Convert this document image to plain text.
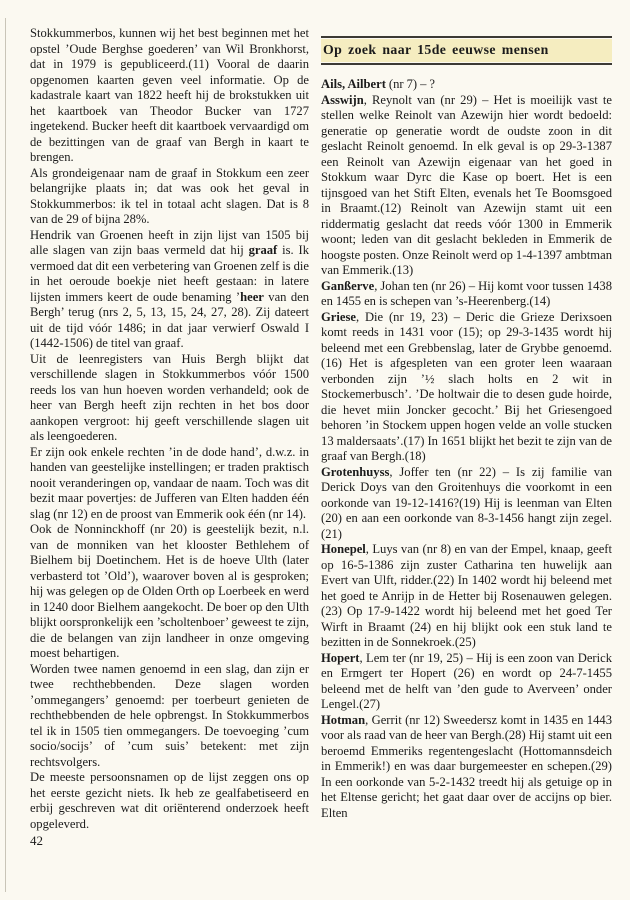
Stokkummerbos, kunnen wij het best beginnen met het opstel ’Oude Berghse goederen’ van Wil Bronkhorst, dat in 1979 is gepubliceerd.(11) Vooral de daarin opgenomen kaarten geven veel informatie. Op de kadastrale kaart van 1822 heeft hij de brokstukken uit het kaartboek van Theodor Bucker van 1727 ingetekend. Bucker heeft dit kaartboek vervaardigd om de bezittingen van de graaf van Bergh in kaart te brengen.

Als grondeigenaar nam de graaf in Stokkum een zeer belangrijke plaats in; dat was ook het geval in Stokkummerbos: ik tel in totaal acht slagen. Dat is 8 van de 29 of bijna 28%.

Hendrik van Groenen heeft in zijn lijst van 1505 bij alle slagen van zijn baas vermeld dat hij graaf is. Ik vermoed dat dit een verbetering van Groenen zelf is die in het oeroude boekje niet heeft gestaan: in latere lijsten immers keert de oude benaming ’heer van den Bergh’ terug (nrs 2, 5, 13, 15, 24, 27, 28). Zij dateert uit de tijd vóór 1486; in dat jaar verwierf Oswald I (1442-1506) de titel van graaf.

Uit de leenregisters van Huis Bergh blijkt dat verschillende slagen in Stokkummerbos vóór 1500 reeds los van hun hoeven worden verhandeld; ook de heer van Bergh heeft zijn rechten in het bos door aankopen vergroot: hij geeft verschillende slagen uit als leengoederen.

Er zijn ook enkele rechten ’in de dode hand’, d.w.z. in handen van geestelijke instellingen; er traden praktisch nooit veranderingen op, vandaar de naam. Toch was dit bezit maar povertjes: de Jufferen van Elten hadden één slag (nr 12) en de proost van Emmerik ook één (nr 14).

Ook de Nonninckhoff (nr 20) is geestelijk bezit, n.l. van de monniken van het klooster Bethlehem of Bielhem bij Doetinchem. Het is de hoeve Ulth (later verbasterd tot ’Old’), waarover boven al is gesproken; hij was gelegen op de Olden Orth op Loerbeek en werd in 1240 door Bielhem aangekocht. De boer op den Ulth blijkt oorspronkelijk een ’scholtenboer’ geweest te zijn, die de belangen van zijn landheer in onze omgeving moest behartigen.

Worden twee namen genoemd in een slag, dan zijn er twee rechthebbenden. Deze slagen worden ’ommegangers’ genoemd: per toerbeurt genieten de rechthebbenden de hele opbrengst. In Stokkummerbos tel ik in 1505 tien ommegangers. De toevoeging ’cum socio/socijs’ of ’cum suis’ betekent: met zijn rechtsvolgers.

De meeste persoonsnamen op de lijst zeggen ons op het eerste gezicht niets. Ik heb ze gealfabetiseerd en erbij geschreven wat dit oriënterend onderzoek heeft opgeleverd.

42
Op zoek naar 15de eeuwse mensen

Ails, Ailbert (nr 7) – ?

Asswijn, Reynolt van (nr 29) – Het is moeilijk vast te stellen welke Reinolt van Azewijn hier wordt bedoeld: generatie op generatie wordt de oudste zoon in dit geslacht Reinolt genoemd. In elk geval is op 29-3-1387 een Reinolt van Azewijn eigenaar van het goed in Stokkum waar Dyrc die Kase op boert. Het is een tijnsgoed van het Stift Elten, evenals het Te Boomsgoed in Braamt.(12) Reinolt van Azewijn stamt uit een riddermatig geslacht dat reeds vóór 1300 in Emmerik woont; leden van dit geslacht bekleden in Emmerik de hoogste posten. Onze Reinolt werd op 1-4-1397 ambtman van Emmerik.(13)

Ganßerve, Johan ten (nr 26) – Hij komt voor tussen 1438 en 1455 en is schepen van ’s-Heerenberg.(14)

Griese, Die (nr 19, 23) – Deric die Grieze Derixsoen komt reeds in 1431 voor (15); op 29-3-1435 wordt hij beleend met een Grebbenslag, later de Grybbe genoemd. (16) Het is afgespleten van een groter leen waaraan verbonden zijn ’½ slach holts en 2 wit in Stockemerbusch’. ’De holtwair die to desen gude hoirde, die hevet miin Joncker gecocht.’ Bij het Griesengoed behoren ’in Stockem uppen hogen velde an volle stucken 13 maldersaats’.(17) In 1651 blijkt het bezit te zijn van de graaf van Bergh.(18)

Grotenhuyss, Joffer ten (nr 22) – Is zij familie van Derick Doys van den Groitenhuys die voorkomt in een oorkonde van 19-12-1416?(19) Hij is leenman van Elten (20) en aan een oorkonde van 8-3-1456 hangt zijn zegel.(21)

Honepel, Luys van (nr 8) en van der Empel, knaap, geeft op 16-5-1386 zijn zuster Catharina ten huwelijk aan Evert van Ulft, ridder.(22) In 1402 wordt hij beleend met het goed te Anrijp in de Hetter bij Rosenauwen gelegen.(23) Op 17-9-1422 wordt hij beleend met het goed Ter Wirft in Braamt (24) en hij blijkt ook een stuk land te bezitten in de Sonnekroek.(25)

Hopert, Lem ter (nr 19, 25) – Hij is een zoon van Derick en Ermgert ter Hopert (26) en wordt op 24-7-1455 beleend met de helft van ’den gude to Averveen’ onder Lengel.(27)

Hotman, Gerrit (nr 12) Sweedersz komt in 1435 en 1443 voor als raad van de heer van Bergh.(28) Hij stamt uit een beroemd Emmeriks regentengeslacht (Hottomannsdeich in Emmerik!) en was daar burgemeester en schepen.(29) In een oorkonde van 5-2-1432 treedt hij als getuige op in het Eltense gericht; het gaat daar over de accijns op bier. Elten
